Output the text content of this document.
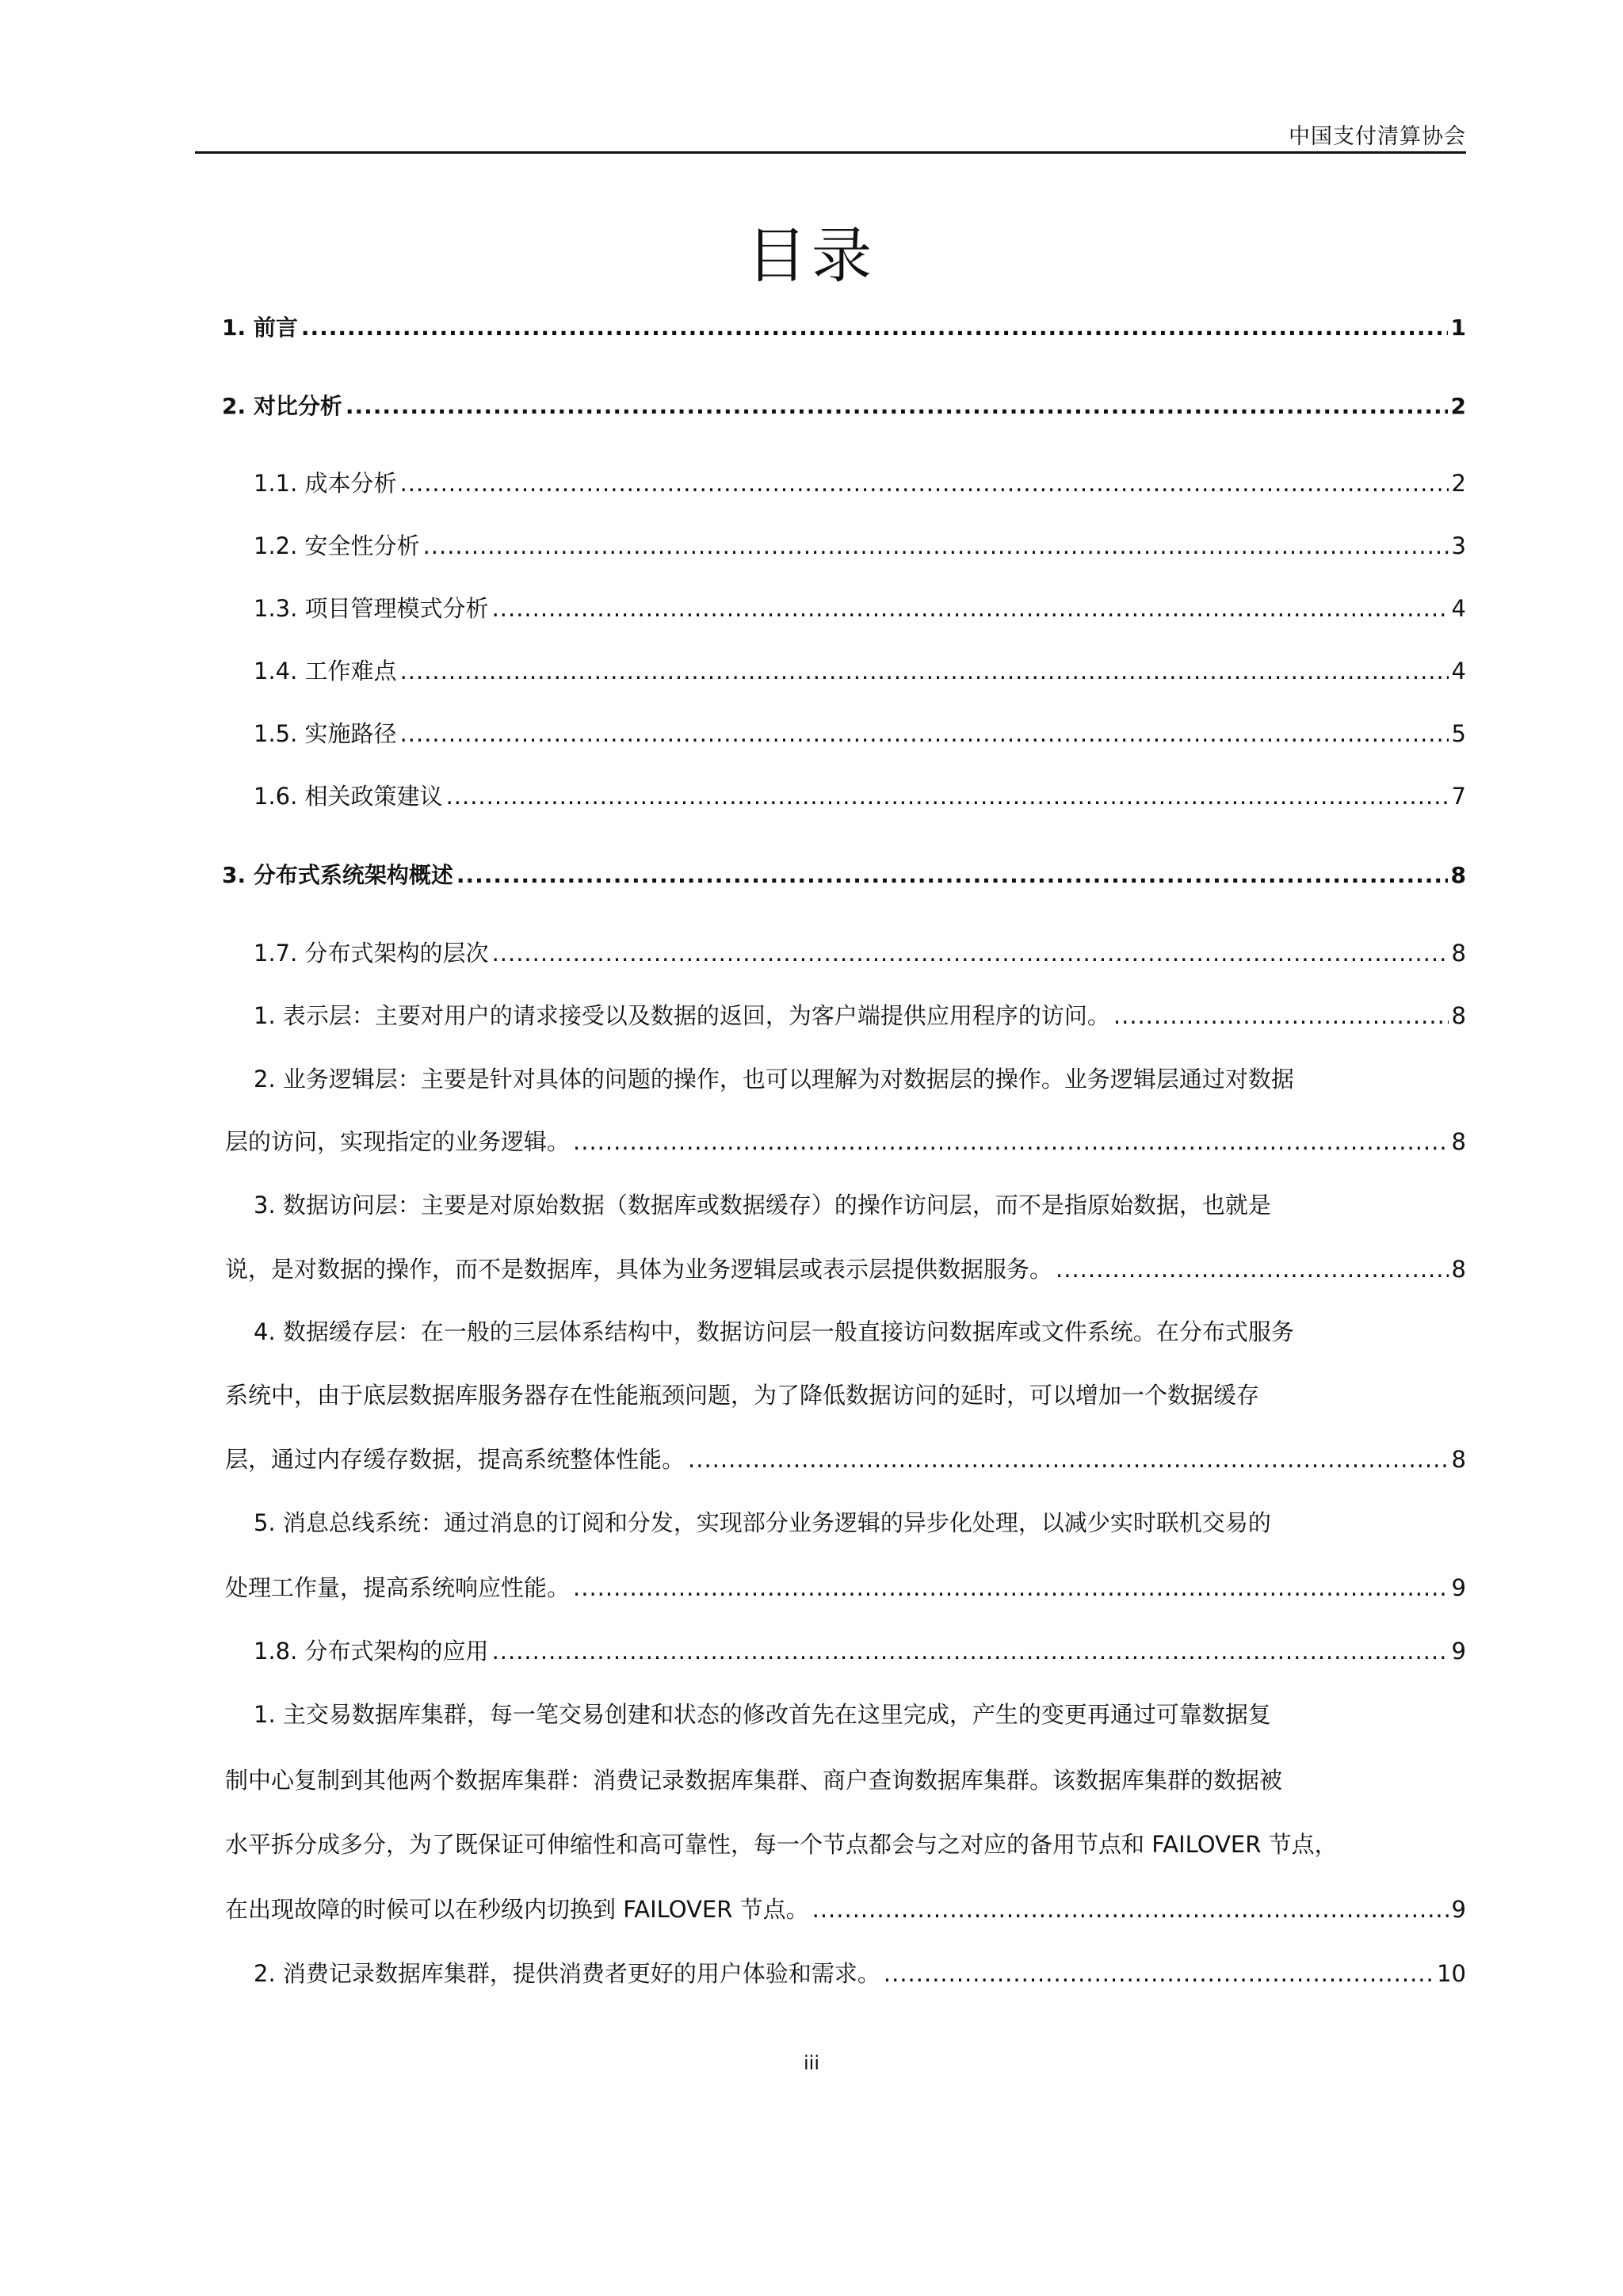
中国支付清算协会
目录
1. 前言 .....	1
2. 对比分析 .....	2
1.1. 成本分析 .....	2
1.2. 安全性分析 .....	3
1.3. 项目管理模式分析 .....	4
1.4. 工作难点 .....	4
1.5. 实施路径 .....	5
1.6. 相关政策建议 .....	7
3. 分布式系统架构概述 .....	8
1.7. 分布式架构的层次 .....	8
1. 表示层：主要对用户的请求接受以及数据的返回，为客户端提供应用程序的访问。 .....	8
2. 业务逻辑层：主要是针对具体的问题的操作，也可以理解为对数据层的操作。业务逻辑层通过对数据
层的访问，实现指定的业务逻辑。 .....	8
3. 数据访问层：主要是对原始数据（数据库或数据缓存）的操作访问层，而不是指原始数据，也就是
说，是对数据的操作，而不是数据库，具体为业务逻辑层或表示层提供数据服务。 .....	8
4. 数据缓存层：在一般的三层体系结构中，数据访问层一般直接访问数据库或文件系统。在分布式服务
系统中，由于底层数据库服务器存在性能瓶颈问题，为了降低数据访问的延时，可以增加一个数据缓存
层，通过内存缓存数据，提高系统整体性能。 .....	8
5. 消息总线系统：通过消息的订阅和分发，实现部分业务逻辑的异步化处理，以减少实时联机交易的
处理工作量，提高系统响应性能。 .....	9
1.8. 分布式架构的应用 .....	9
1. 主交易数据库集群，每一笔交易创建和状态的修改首先在这里完成，产生的变更再通过可靠数据复
制中心复制到其他两个数据库集群：消费记录数据库集群、商户查询数据库集群。该数据库集群的数据被
水平拆分成多分，为了既保证可伸缩性和高可靠性，每一个节点都会与之对应的备用节点和 FAILOVER 节点，
在出现故障的时候可以在秒级内切换到 FAILOVER 节点。 .....	9
2. 消费记录数据库集群，提供消费者更好的用户体验和需求。 .....	10
iii
